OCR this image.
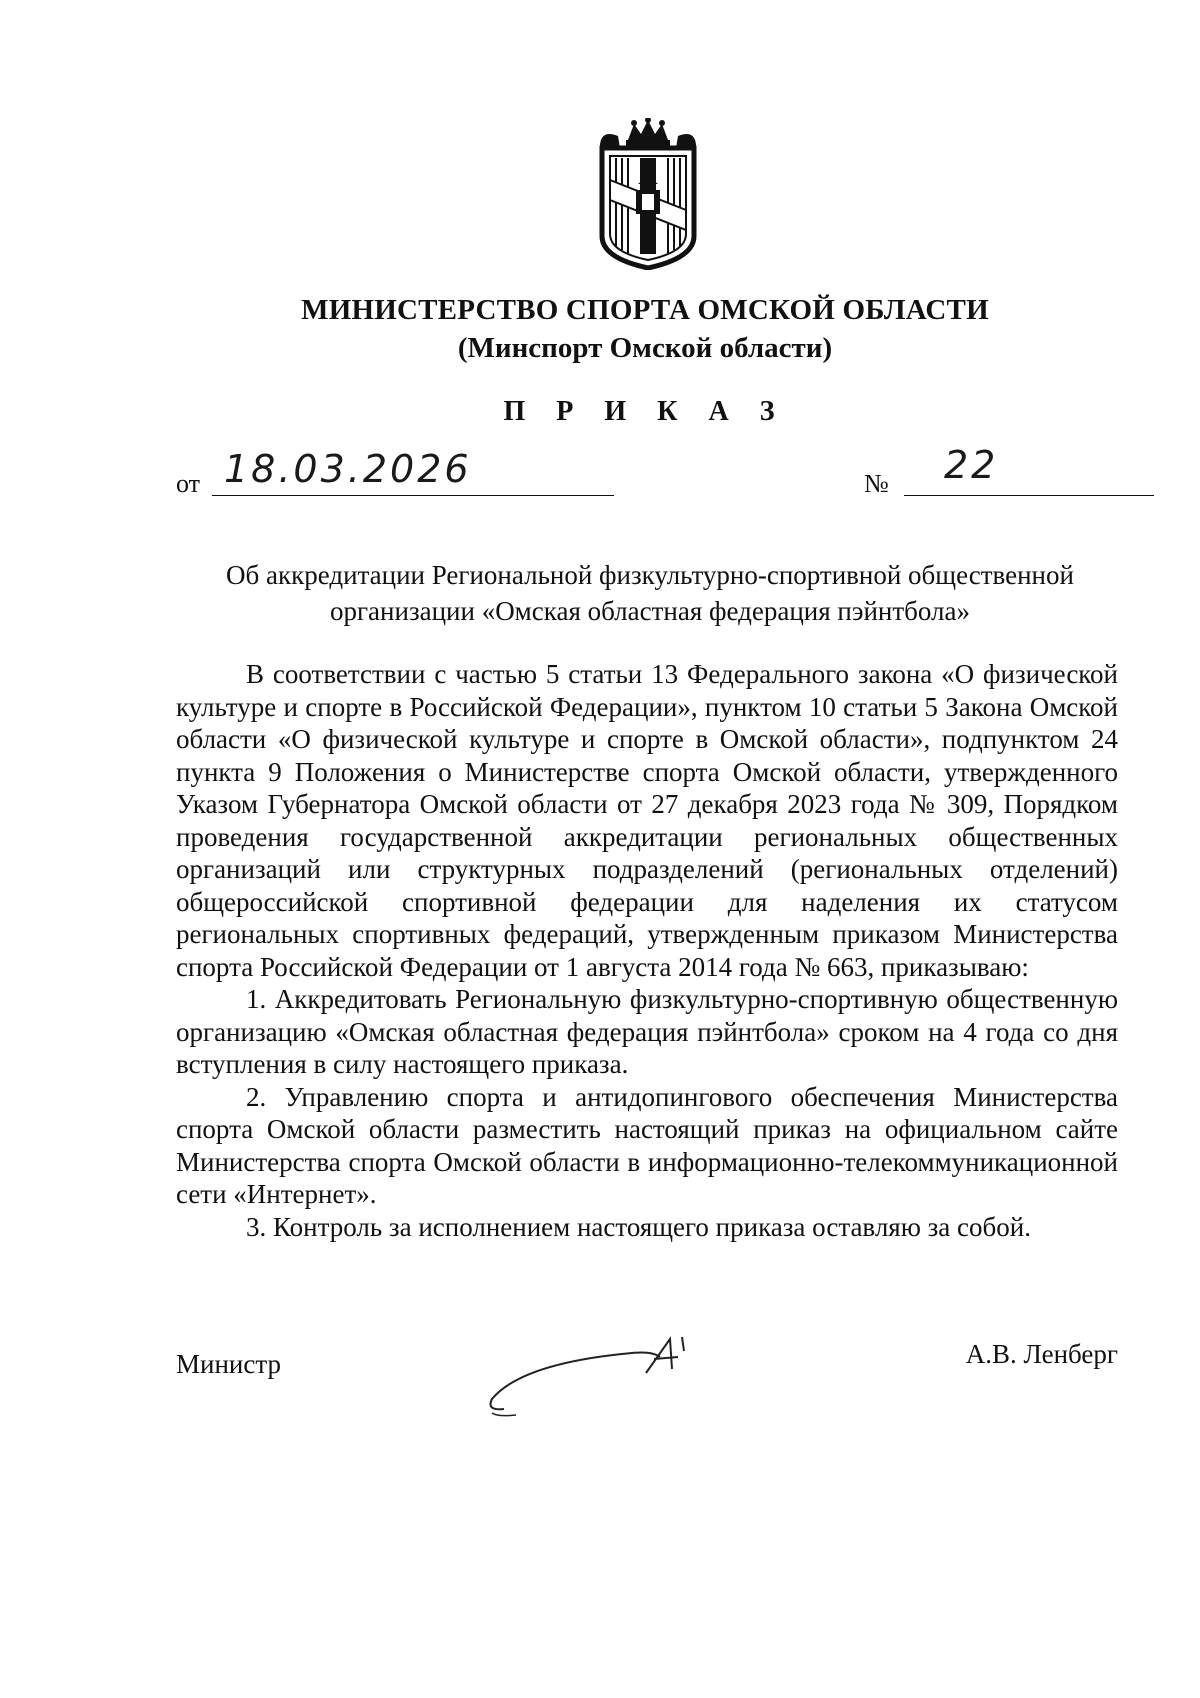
МИНИСТЕРСТВО СПОРТА ОМСКОЙ ОБЛАСТИ
(Минспорт Омской области)
П Р И К А З
от 18.03.2026	№ 22
Об аккредитации Региональной физкультурно-спортивной общественной организации «Омская областная федерация пэйнтбола»

В соответствии с частью 5 статьи 13 Федерального закона «О физической культуре и спорте в Российской Федерации», пунктом 10 статьи 5 Закона Омской области «О физической культуре и спорте в Омской области», подпунктом 24 пункта 9 Положения о Министерстве спорта Омской области, утвержденного Указом Губернатора Омской области от 27 декабря 2023 года № 309, Порядком проведения государственной аккредитации региональных общественных организаций или структурных подразделений (региональных отделений) общероссийской спортивной федерации для наделения их статусом региональных спортивных федераций, утвержденным приказом Министерства спорта Российской Федерации от 1 августа 2014 года № 663, приказываю:

1. Аккредитовать Региональную физкультурно-спортивную общественную организацию «Омская областная федерация пэйнтбола» сроком на 4 года со дня вступления в силу настоящего приказа.

2. Управлению спорта и антидопингового обеспечения Министерства спорта Омской области разместить настоящий приказ на официальном сайте Министерства спорта Омской области в информационно-телекоммуникационной сети «Интернет».

3. Контроль за исполнением настоящего приказа оставляю за собой.

Министр	А.В. Ленберг
